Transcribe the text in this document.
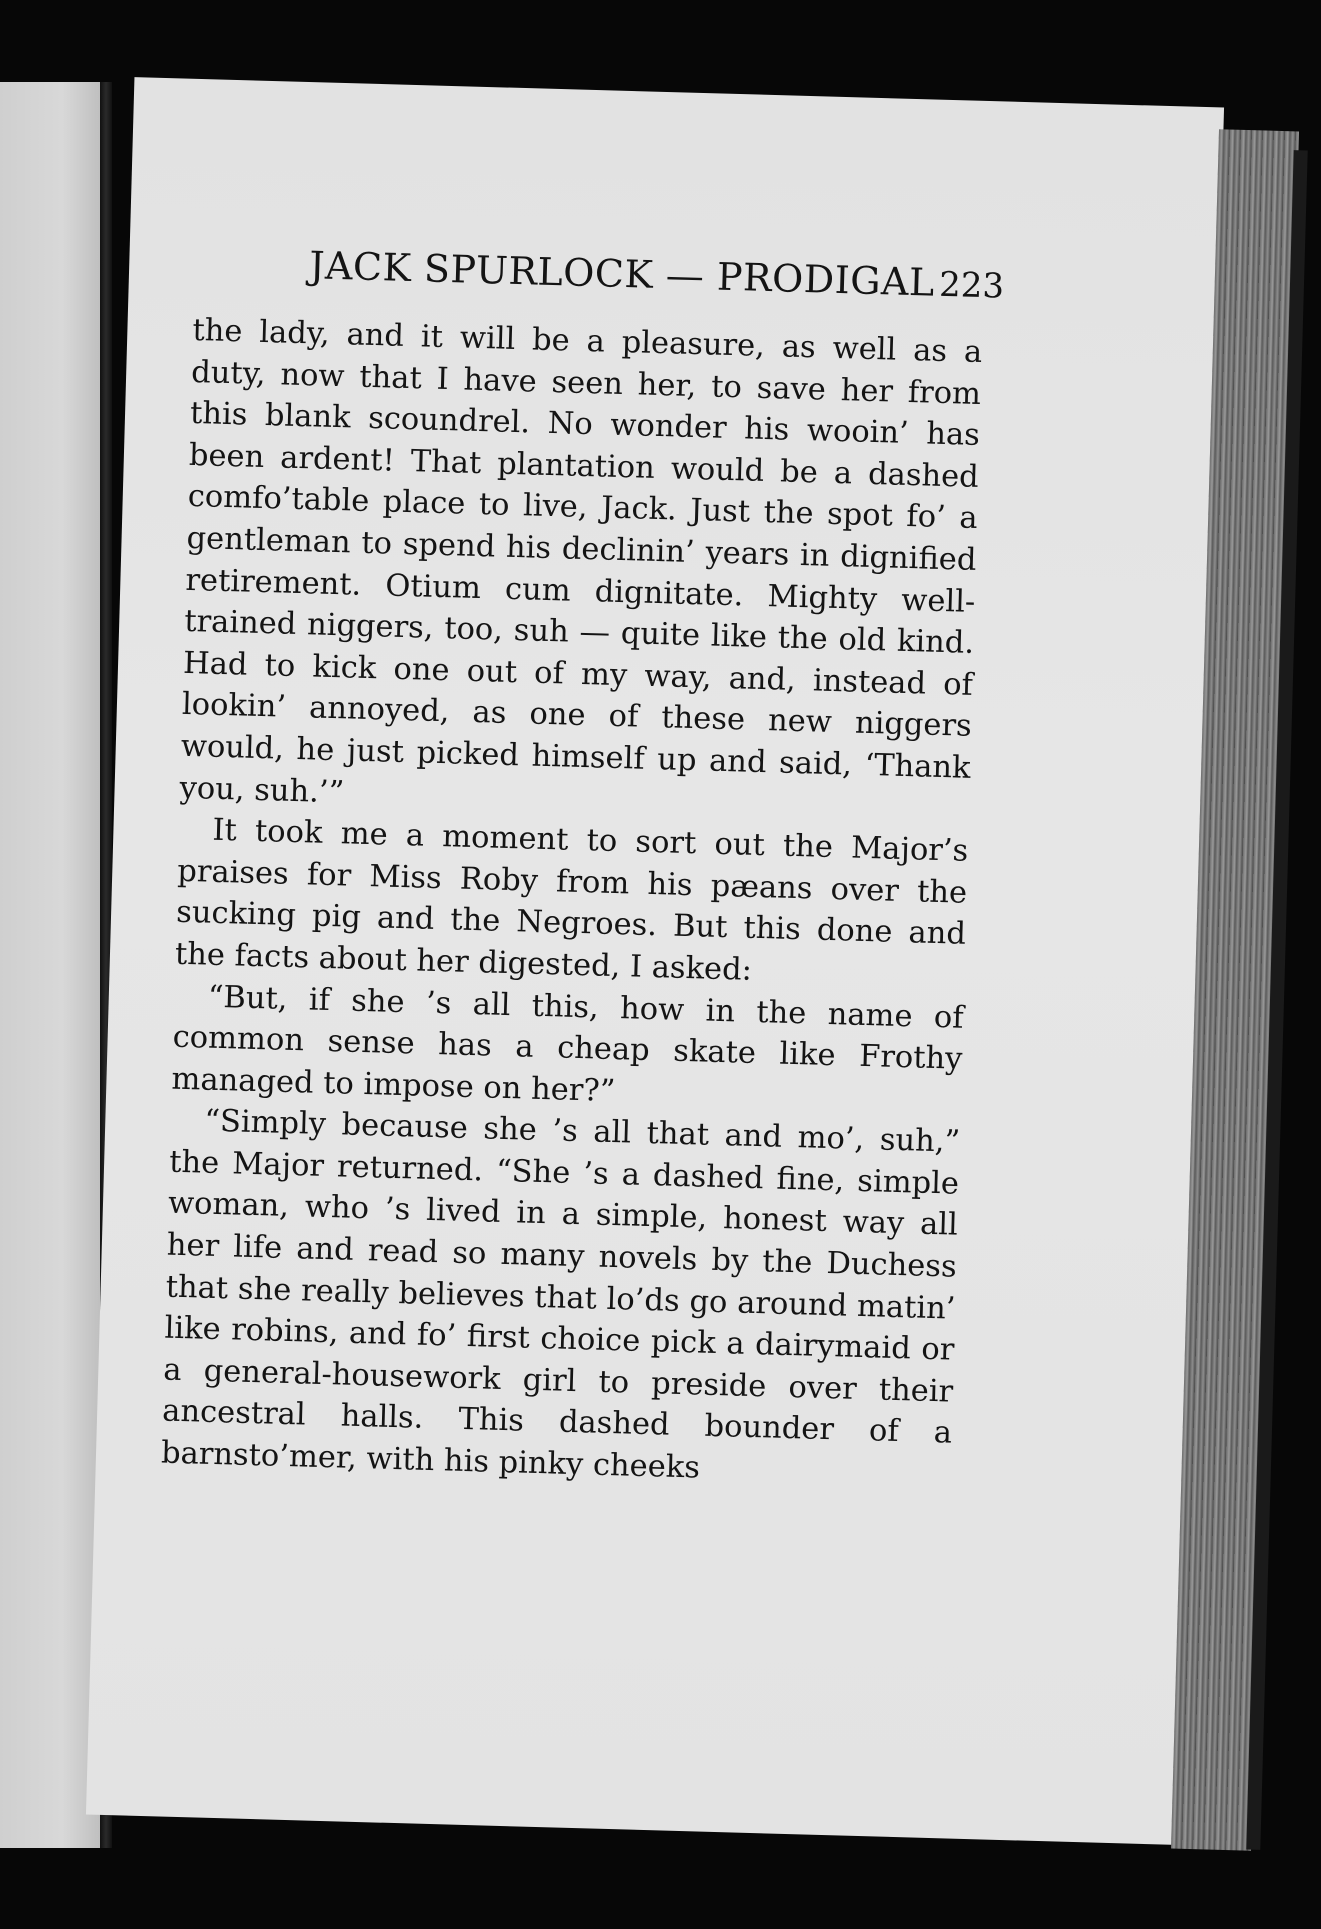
JACK SPURLOCK — PRODIGAL 223

the lady, and it will be a pleasure, as well as a duty, now that I have seen her, to save her from this blank scoundrel. No wonder his wooin’ has been ardent! That plantation would be a dashed comfo’table place to live, Jack. Just the spot fo’ a gentleman to spend his declinin’ years in dignified retirement. Otium cum dignitate. Mighty well-trained niggers, too, suh — quite like the old kind. Had to kick one out of my way, and, instead of lookin’ annoyed, as one of these new niggers would, he just picked himself up and said, ‘Thank you, suh.’”

It took me a moment to sort out the Major’s praises for Miss Roby from his pæans over the sucking pig and the Negroes. But this done and the facts about her digested, I asked:

“But, if she ’s all this, how in the name of common sense has a cheap skate like Frothy managed to impose on her?”

“Simply because she ’s all that and mo’, suh,” the Major returned. “She ’s a dashed fine, simple woman, who ’s lived in a simple, honest way all her life and read so many novels by the Duchess that she really believes that lo’ds go around matin’ like robins, and fo’ first choice pick a dairymaid or a general-housework girl to preside over their ancestral halls. This dashed bounder of a barnsto’mer, with his pinky cheeks
